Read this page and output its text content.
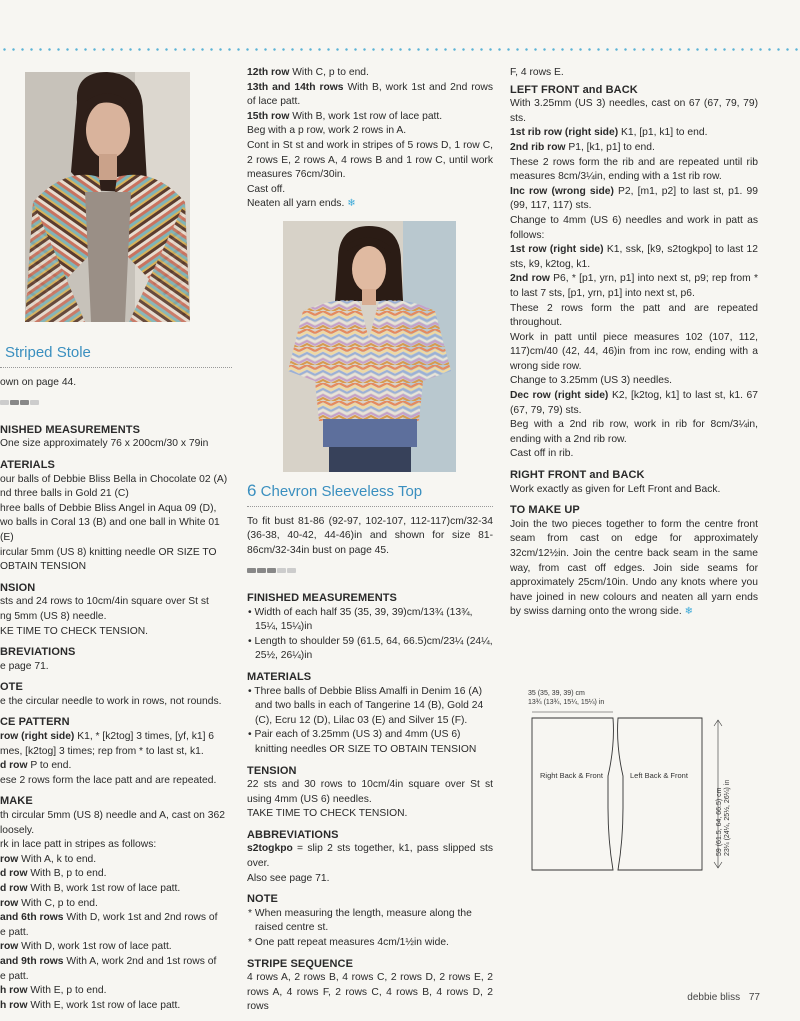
Striped Stole

own on page 44.

NISHED MEASUREMENTS

One size approximately 76 x 200cm/30 x 79in

ATERIALS

our balls of Debbie Bliss Bella in Chocolate 02 (A)

nd three balls in Gold 21 (C)

hree balls of Debbie Bliss Angel in Aqua 09 (D),

wo balls in Coral 13 (B) and one ball in White 01 (E)

ircular 5mm (US 8) knitting needle OR SIZE TO

OBTAIN TENSION

NSION

sts and 24 rows to 10cm/4in square over St st

ng 5mm (US 8) needle.

KE TIME TO CHECK TENSION.

BREVIATIONS

e page 71.

OTE

e the circular needle to work in rows, not rounds.

CE PATTERN

row (right side) K1, * [k2tog] 3 times, [yf, k1] 6

mes, [k2tog] 3 times; rep from * to last st, k1.

d row P to end.

ese 2 rows form the lace patt and are repeated.

MAKE

th circular 5mm (US 8) needle and A, cast on 362

loosely.

rk in lace patt in stripes as follows:

row With A, k to end.

d row With B, p to end.

d row With B, work 1st row of lace patt.

row With C, p to end.

and 6th rows With D, work 1st and 2nd rows of

e patt.

row With D, work 1st row of lace patt.

and 9th rows With A, work 2nd and 1st rows of

e patt.

h row With E, p to end.

h row With E, work 1st row of lace patt.

12th row With C, p to end.

13th and 14th rows With B, work 1st and 2nd rows of lace patt.

15th row With B, work 1st row of lace patt.

Beg with a p row, work 2 rows in A.

Cont in St st and work in stripes of 5 rows D, 1 row C, 2 rows E, 2 rows A, 4 rows B and 1 row C, until work measures 76cm/30in.

Cast off.

Neaten all yarn ends. ❄

6 Chevron Sleeveless Top

To fit bust 81-86 (92-97, 102-107, 112-117)cm/32-34 (36-38, 40-42, 44-46)in and shown for size 81-86cm/32-34in bust on page 45.

FINISHED MEASUREMENTS

• Width of each half 35 (35, 39, 39)cm/13¾ (13¾, 15¼, 15¼)in

• Length to shoulder 59 (61.5, 64, 66.5)cm/23¼ (24¼, 25½, 26¼)in

MATERIALS

• Three balls of Debbie Bliss Amalfi in Denim 16 (A) and two balls in each of Tangerine 14 (B), Gold 24 (C), Ecru 12 (D), Lilac 03 (E) and Silver 15 (F).

• Pair each of 3.25mm (US 3) and 4mm (US 6) knitting needles OR SIZE TO OBTAIN TENSION

TENSION

22 sts and 30 rows to 10cm/4in square over St st using 4mm (US 6) needles.

TAKE TIME TO CHECK TENSION.

ABBREVIATIONS

s2togkpo = slip 2 sts together, k1, pass slipped sts over.

Also see page 71.

NOTE

* When measuring the length, measure along the raised centre st.

* One patt repeat measures 4cm/1½in wide.

STRIPE SEQUENCE

4 rows A, 2 rows B, 4 rows C, 2 rows D, 2 rows E, 2 rows A, 4 rows F, 2 rows C, 4 rows B, 4 rows D, 2 rows

F, 4 rows E.

LEFT FRONT and BACK

With 3.25mm (US 3) needles, cast on 67 (67, 79, 79) sts.

1st rib row (right side) K1, [p1, k1] to end.

2nd rib row P1, [k1, p1] to end.

These 2 rows form the rib and are repeated until rib measures 8cm/3¼in, ending with a 1st rib row.

Inc row (wrong side) P2, [m1, p2] to last st, p1. 99 (99, 117, 117) sts.

Change to 4mm (US 6) needles and work in patt as follows:

1st row (right side) K1, ssk, [k9, s2togkpo] to last 12 sts, k9, k2tog, k1.

2nd row P6, * [p1, yrn, p1] into next st, p9; rep from * to last 7 sts, [p1, yrn, p1] into next st, p6.

These 2 rows form the patt and are repeated throughout.

Work in patt until piece measures 102 (107, 112, 117)cm/40 (42, 44, 46)in from inc row, ending with a wrong side row.

Change to 3.25mm (US 3) needles.

Dec row (right side) K2, [k2tog, k1] to last st, k1. 67 (67, 79, 79) sts.

Beg with a 2nd rib row, work in rib for 8cm/3¼in, ending with a 2nd rib row.

Cast off in rib.

RIGHT FRONT and BACK

Work exactly as given for Left Front and Back.

TO MAKE UP

Join the two pieces together to form the centre front seam from cast on edge for approximately 32cm/12½in. Join the centre back seam in the same way, from cast off edges. Join side seams for approximately 25cm/10in. Undo any knots where you have joined in new colours and neaten all yarn ends by swiss darning onto the wrong side. ❄

35 (35, 39, 39) cm
13¾ (13¾, 15¼, 15¼) in
Right Back & Front	Left Back & Front
59 (61.5, 64, 66.5) cm 23¼ (24¼, 25½, 26¼) in
debbie bliss 77
